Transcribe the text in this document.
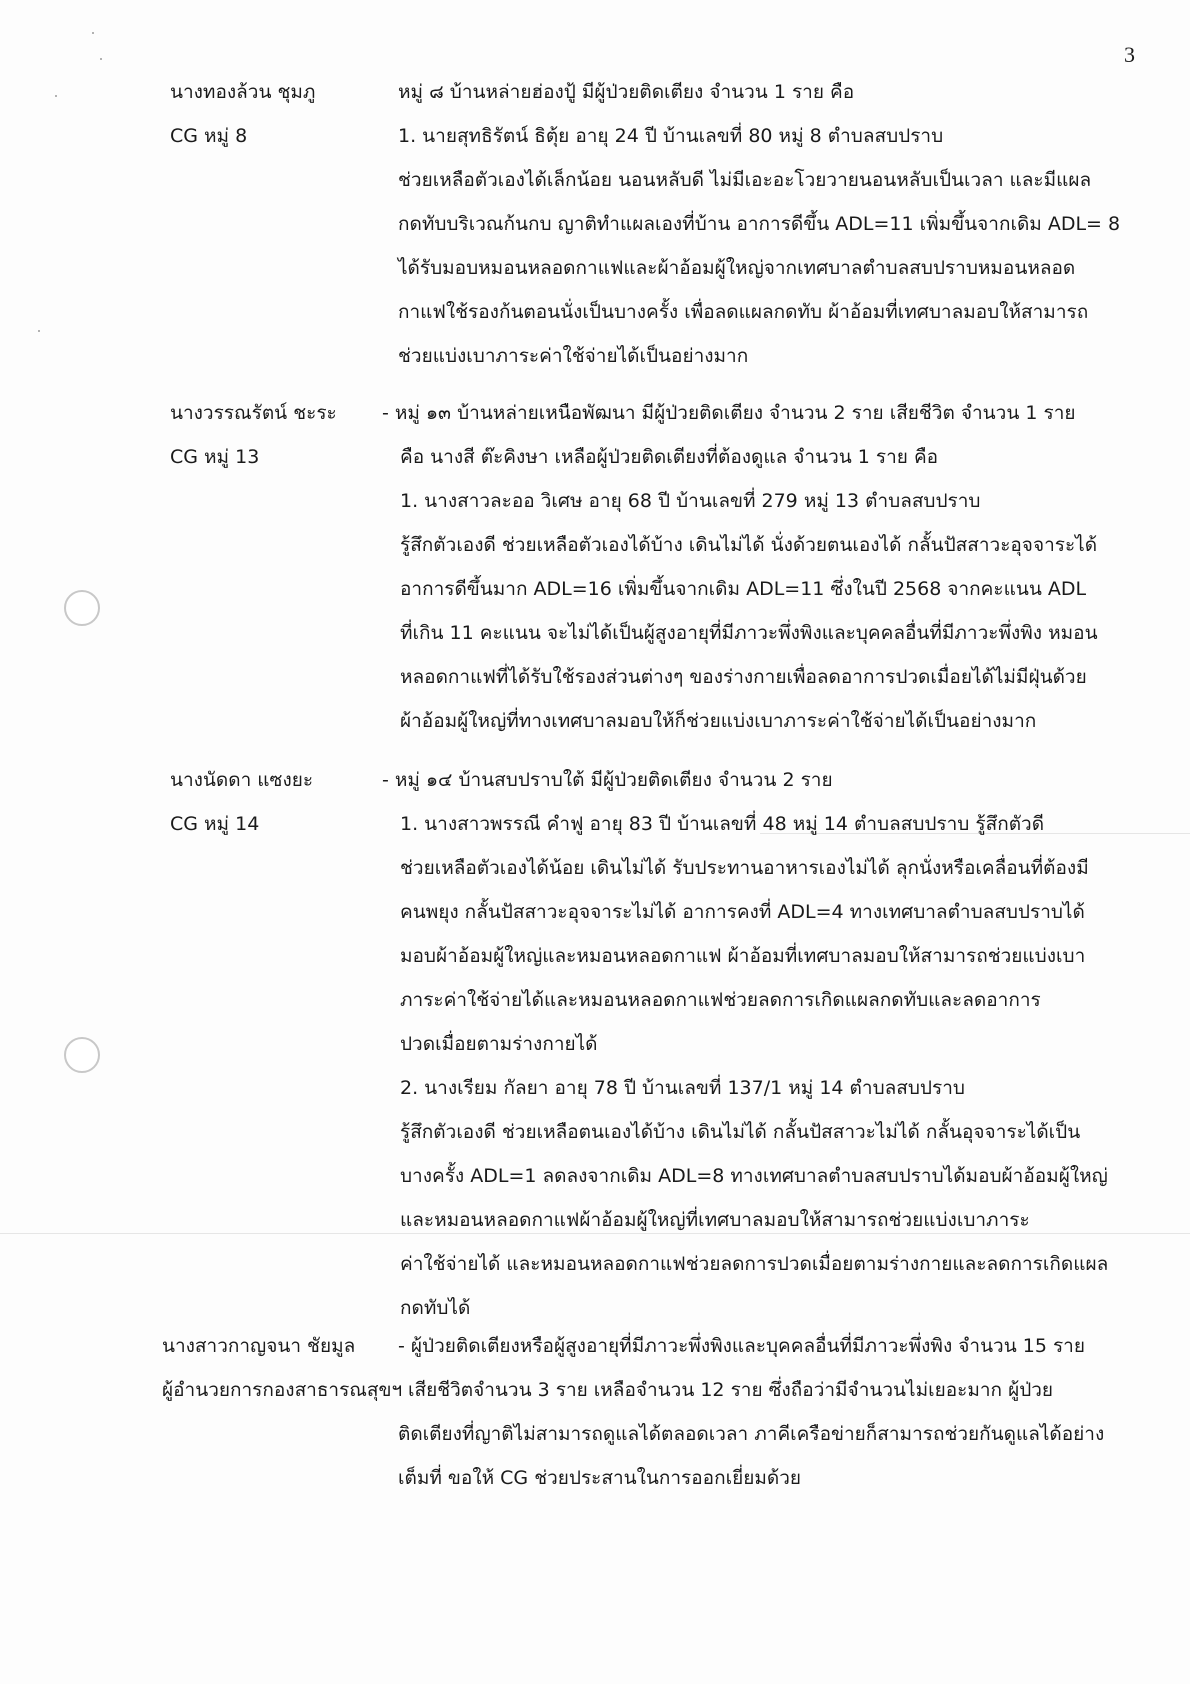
3
นางทองล้วน ชุมภู
CG หมู่ 8
หมู่ ๘ บ้านหล่ายฮ่องปู้ มีผู้ป่วยติดเตียง จำนวน 1 ราย คือ
1. นายสุทธิรัตน์ ธิตุ้ย อายุ 24 ปี บ้านเลขที่ 80 หมู่ 8 ตำบลสบปราบ
ช่วยเหลือตัวเองได้เล็กน้อย นอนหลับดี ไม่มีเอะอะโวยวายนอนหลับเป็นเวลา และมีแผล
กดทับบริเวณก้นกบ ญาติทำแผลเองที่บ้าน อาการดีขึ้น ADL=11 เพิ่มขึ้นจากเดิม ADL= 8
ได้รับมอบหมอนหลอดกาแฟและผ้าอ้อมผู้ใหญ่จากเทศบาลตำบลสบปราบหมอนหลอด
กาแฟใช้รองก้นตอนนั่งเป็นบางครั้ง เพื่อลดแผลกดทับ ผ้าอ้อมที่เทศบาลมอบให้สามารถ
ช่วยแบ่งเบาภาระค่าใช้จ่ายได้เป็นอย่างมาก
นางวรรณรัตน์ ชะระ
CG หมู่ 13
- หมู่ ๑๓ บ้านหล่ายเหนือพัฒนา มีผู้ป่วยติดเตียง จำนวน 2 ราย เสียชีวิต จำนวน 1 ราย
คือ นางสี ต๊ะคิงษา เหลือผู้ป่วยติดเตียงที่ต้องดูแล จำนวน 1 ราย คือ
1. นางสาวละออ วิเศษ อายุ 68 ปี บ้านเลขที่ 279 หมู่ 13 ตำบลสบปราบ
รู้สึกตัวเองดี ช่วยเหลือตัวเองได้บ้าง เดินไม่ได้ นั่งด้วยตนเองได้ กลั้นปัสสาวะอุจจาระได้
อาการดีขึ้นมาก ADL=16 เพิ่มขึ้นจากเดิม ADL=11 ซึ่งในปี 2568 จากคะแนน ADL
ที่เกิน 11 คะแนน จะไม่ได้เป็นผู้สูงอายุที่มีภาวะพึ่งพิงและบุคคลอื่นที่มีภาวะพึ่งพิง หมอน
หลอดกาแฟที่ได้รับใช้รองส่วนต่างๆ ของร่างกายเพื่อลดอาการปวดเมื่อยได้ไม่มีฝุ่นด้วย
ผ้าอ้อมผู้ใหญ่ที่ทางเทศบาลมอบให้ก็ช่วยแบ่งเบาภาระค่าใช้จ่ายได้เป็นอย่างมาก
นางนัดดา แซงยะ
CG หมู่ 14
- หมู่ ๑๔ บ้านสบปราบใต้ มีผู้ป่วยติดเตียง จำนวน 2 ราย
1. นางสาวพรรณี คำฟู อายุ 83 ปี บ้านเลขที่ 48 หมู่ 14 ตำบลสบปราบ รู้สึกตัวดี
ช่วยเหลือตัวเองได้น้อย เดินไม่ได้ รับประทานอาหารเองไม่ได้ ลุกนั่งหรือเคลื่อนที่ต้องมี
คนพยุง กลั้นปัสสาวะอุจจาระไม่ได้ อาการคงที่ ADL=4 ทางเทศบาลตำบลสบปราบได้
มอบผ้าอ้อมผู้ใหญ่และหมอนหลอดกาแฟ ผ้าอ้อมที่เทศบาลมอบให้สามารถช่วยแบ่งเบา
ภาระค่าใช้จ่ายได้และหมอนหลอดกาแฟช่วยลดการเกิดแผลกดทับและลดอาการ
ปวดเมื่อยตามร่างกายได้
2. นางเรียม กัลยา อายุ 78 ปี บ้านเลขที่ 137/1 หมู่ 14 ตำบลสบปราบ
รู้สึกตัวเองดี ช่วยเหลือตนเองได้บ้าง เดินไม่ได้ กลั้นปัสสาวะไม่ได้ กลั้นอุจจาระได้เป็น
บางครั้ง ADL=1 ลดลงจากเดิม ADL=8 ทางเทศบาลตำบลสบปราบได้มอบผ้าอ้อมผู้ใหญ่
และหมอนหลอดกาแฟผ้าอ้อมผู้ใหญ่ที่เทศบาลมอบให้สามารถช่วยแบ่งเบาภาระ
ค่าใช้จ่ายได้ และหมอนหลอดกาแฟช่วยลดการปวดเมื่อยตามร่างกายและลดการเกิดแผล
กดทับได้
นางสาวกาญจนา ชัยมูล
ผู้อำนวยการกองสาธารณสุขฯ
- ผู้ป่วยติดเตียงหรือผู้สูงอายุที่มีภาวะพึ่งพิงและบุคคลอื่นที่มีภาวะพึ่งพิง จำนวน 15 ราย
เสียชีวิตจำนวน 3 ราย เหลือจำนวน 12 ราย ซึ่งถือว่ามีจำนวนไม่เยอะมาก ผู้ป่วย
ติดเตียงที่ญาติไม่สามารถดูแลได้ตลอดเวลา ภาคีเครือข่ายก็สามารถช่วยกันดูแลได้อย่าง
เต็มที่ ขอให้ CG ช่วยประสานในการออกเยี่ยมด้วย
